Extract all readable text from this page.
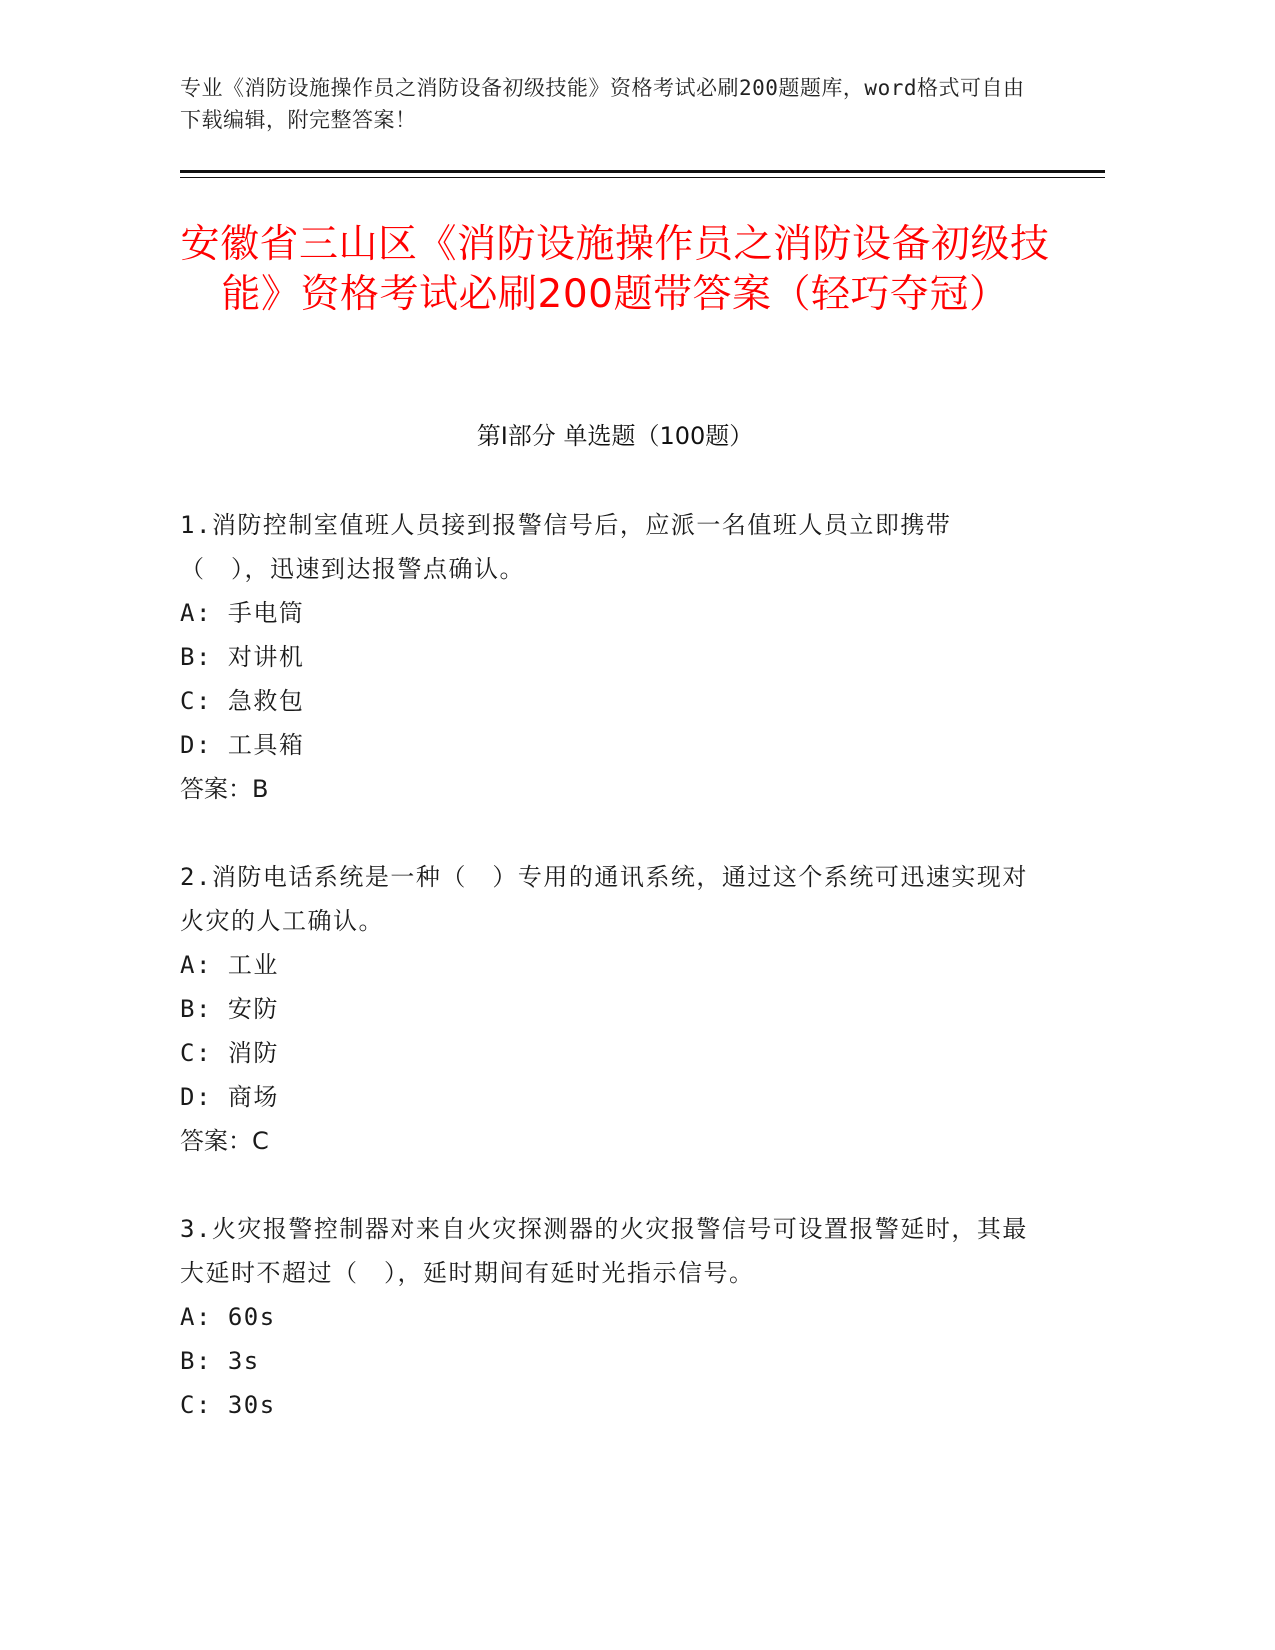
专业《消防设施操作员之消防设备初级技能》资格考试必刷200题题库，word格式可自由下载编辑，附完整答案！
安徽省三山区《消防设施操作员之消防设备初级技能》资格考试必刷200题带答案（轻巧夺冠）
第I部分 单选题（100题）

1.消防控制室值班人员接到报警信号后，应派一名值班人员立即携带（　），迅速到达报警点确认。

A: 手电筒

B: 对讲机

C: 急救包

D: 工具箱

答案：B

2.消防电话系统是一种（　）专用的通讯系统，通过这个系统可迅速实现对火灾的人工确认。

A: 工业

B: 安防

C: 消防

D: 商场

答案：C

3.火灾报警控制器对来自火灾探测器的火灾报警信号可设置报警延时，其最大延时不超过（　），延时期间有延时光指示信号。

A: 60s

B: 3s

C: 30s
